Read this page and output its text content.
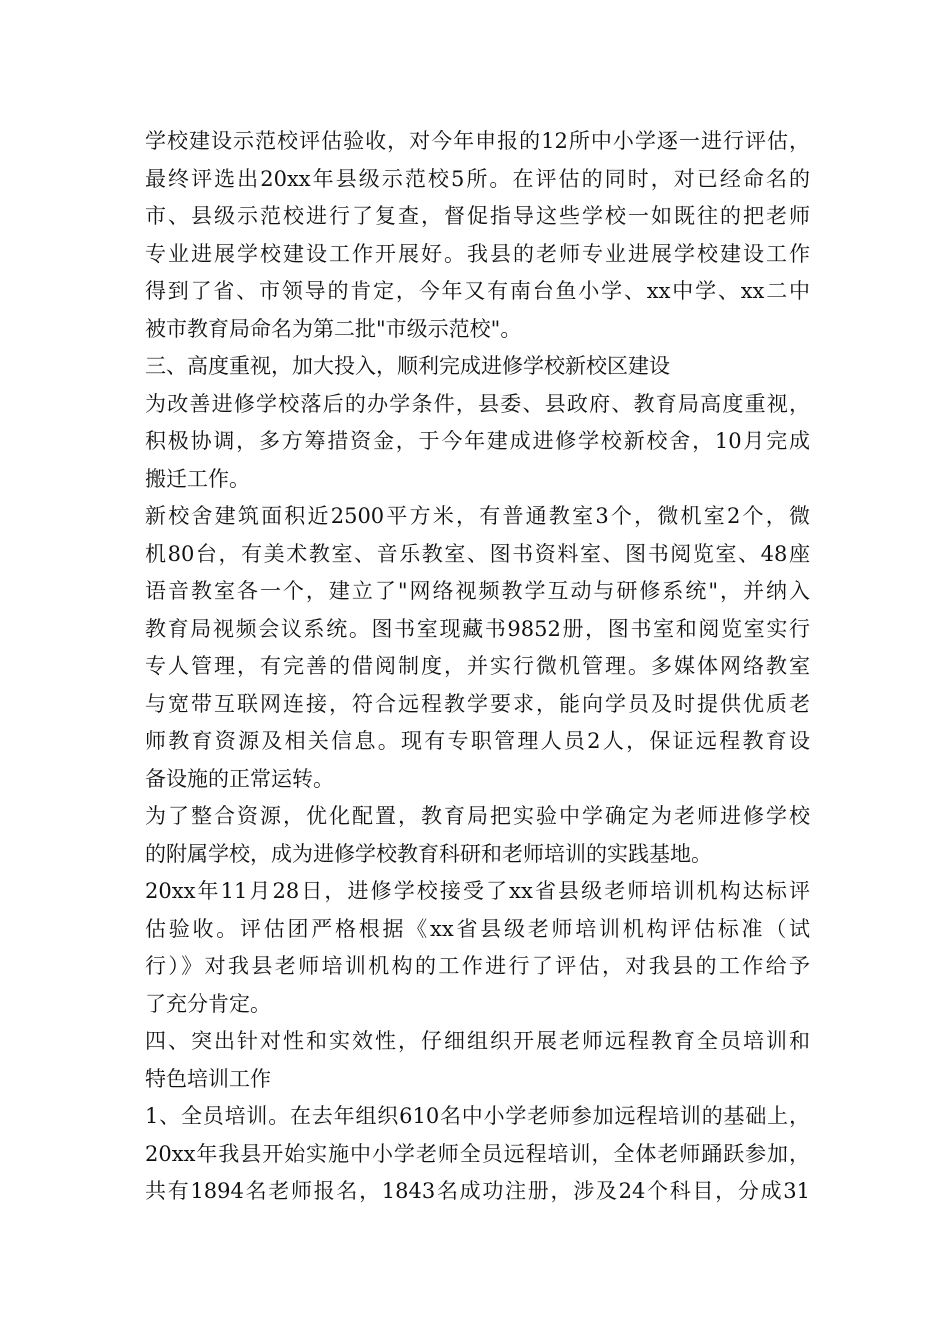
学校建设示范校评估验收，对今年申报的12所中小学逐一进行评估，
最终评选出20xx年县级示范校5所。在评估的同时，对已经命名的
市、县级示范校进行了复查，督促指导这些学校一如既往的把老师
专业进展学校建设工作开展好。我县的老师专业进展学校建设工作
得到了省、市领导的肯定，今年又有南台鱼小学、xx中学、xx二中
被市教育局命名为第二批"市级示范校"。
三、高度重视，加大投入，顺利完成进修学校新校区建设
为改善进修学校落后的办学条件，县委、县政府、教育局高度重视，
积极协调，多方筹措资金，于今年建成进修学校新校舍，10月完成
搬迁工作。
新校舍建筑面积近2500平方米，有普通教室3个，微机室2个，微
机80台，有美术教室、音乐教室、图书资料室、图书阅览室、48座
语音教室各一个，建立了"网络视频教学互动与研修系统"，并纳入
教育局视频会议系统。图书室现藏书9852册，图书室和阅览室实行
专人管理，有完善的借阅制度，并实行微机管理。多媒体网络教室
与宽带互联网连接，符合远程教学要求，能向学员及时提供优质老
师教育资源及相关信息。现有专职管理人员2人，保证远程教育设
备设施的正常运转。
为了整合资源，优化配置，教育局把实验中学确定为老师进修学校
的附属学校，成为进修学校教育科研和老师培训的实践基地。
20xx年11月28日，进修学校接受了xx省县级老师培训机构达标评
估验收。评估团严格根据《xx省县级老师培训机构评估标准（试
行）》对我县老师培训机构的工作进行了评估，对我县的工作给予
了充分肯定。
四、突出针对性和实效性，仔细组织开展老师远程教育全员培训和
特色培训工作
1、全员培训。在去年组织610名中小学老师参加远程培训的基础上，
20xx年我县开始实施中小学老师全员远程培训，全体老师踊跃参加，
共有1894名老师报名，1843名成功注册，涉及24个科目，分成31
